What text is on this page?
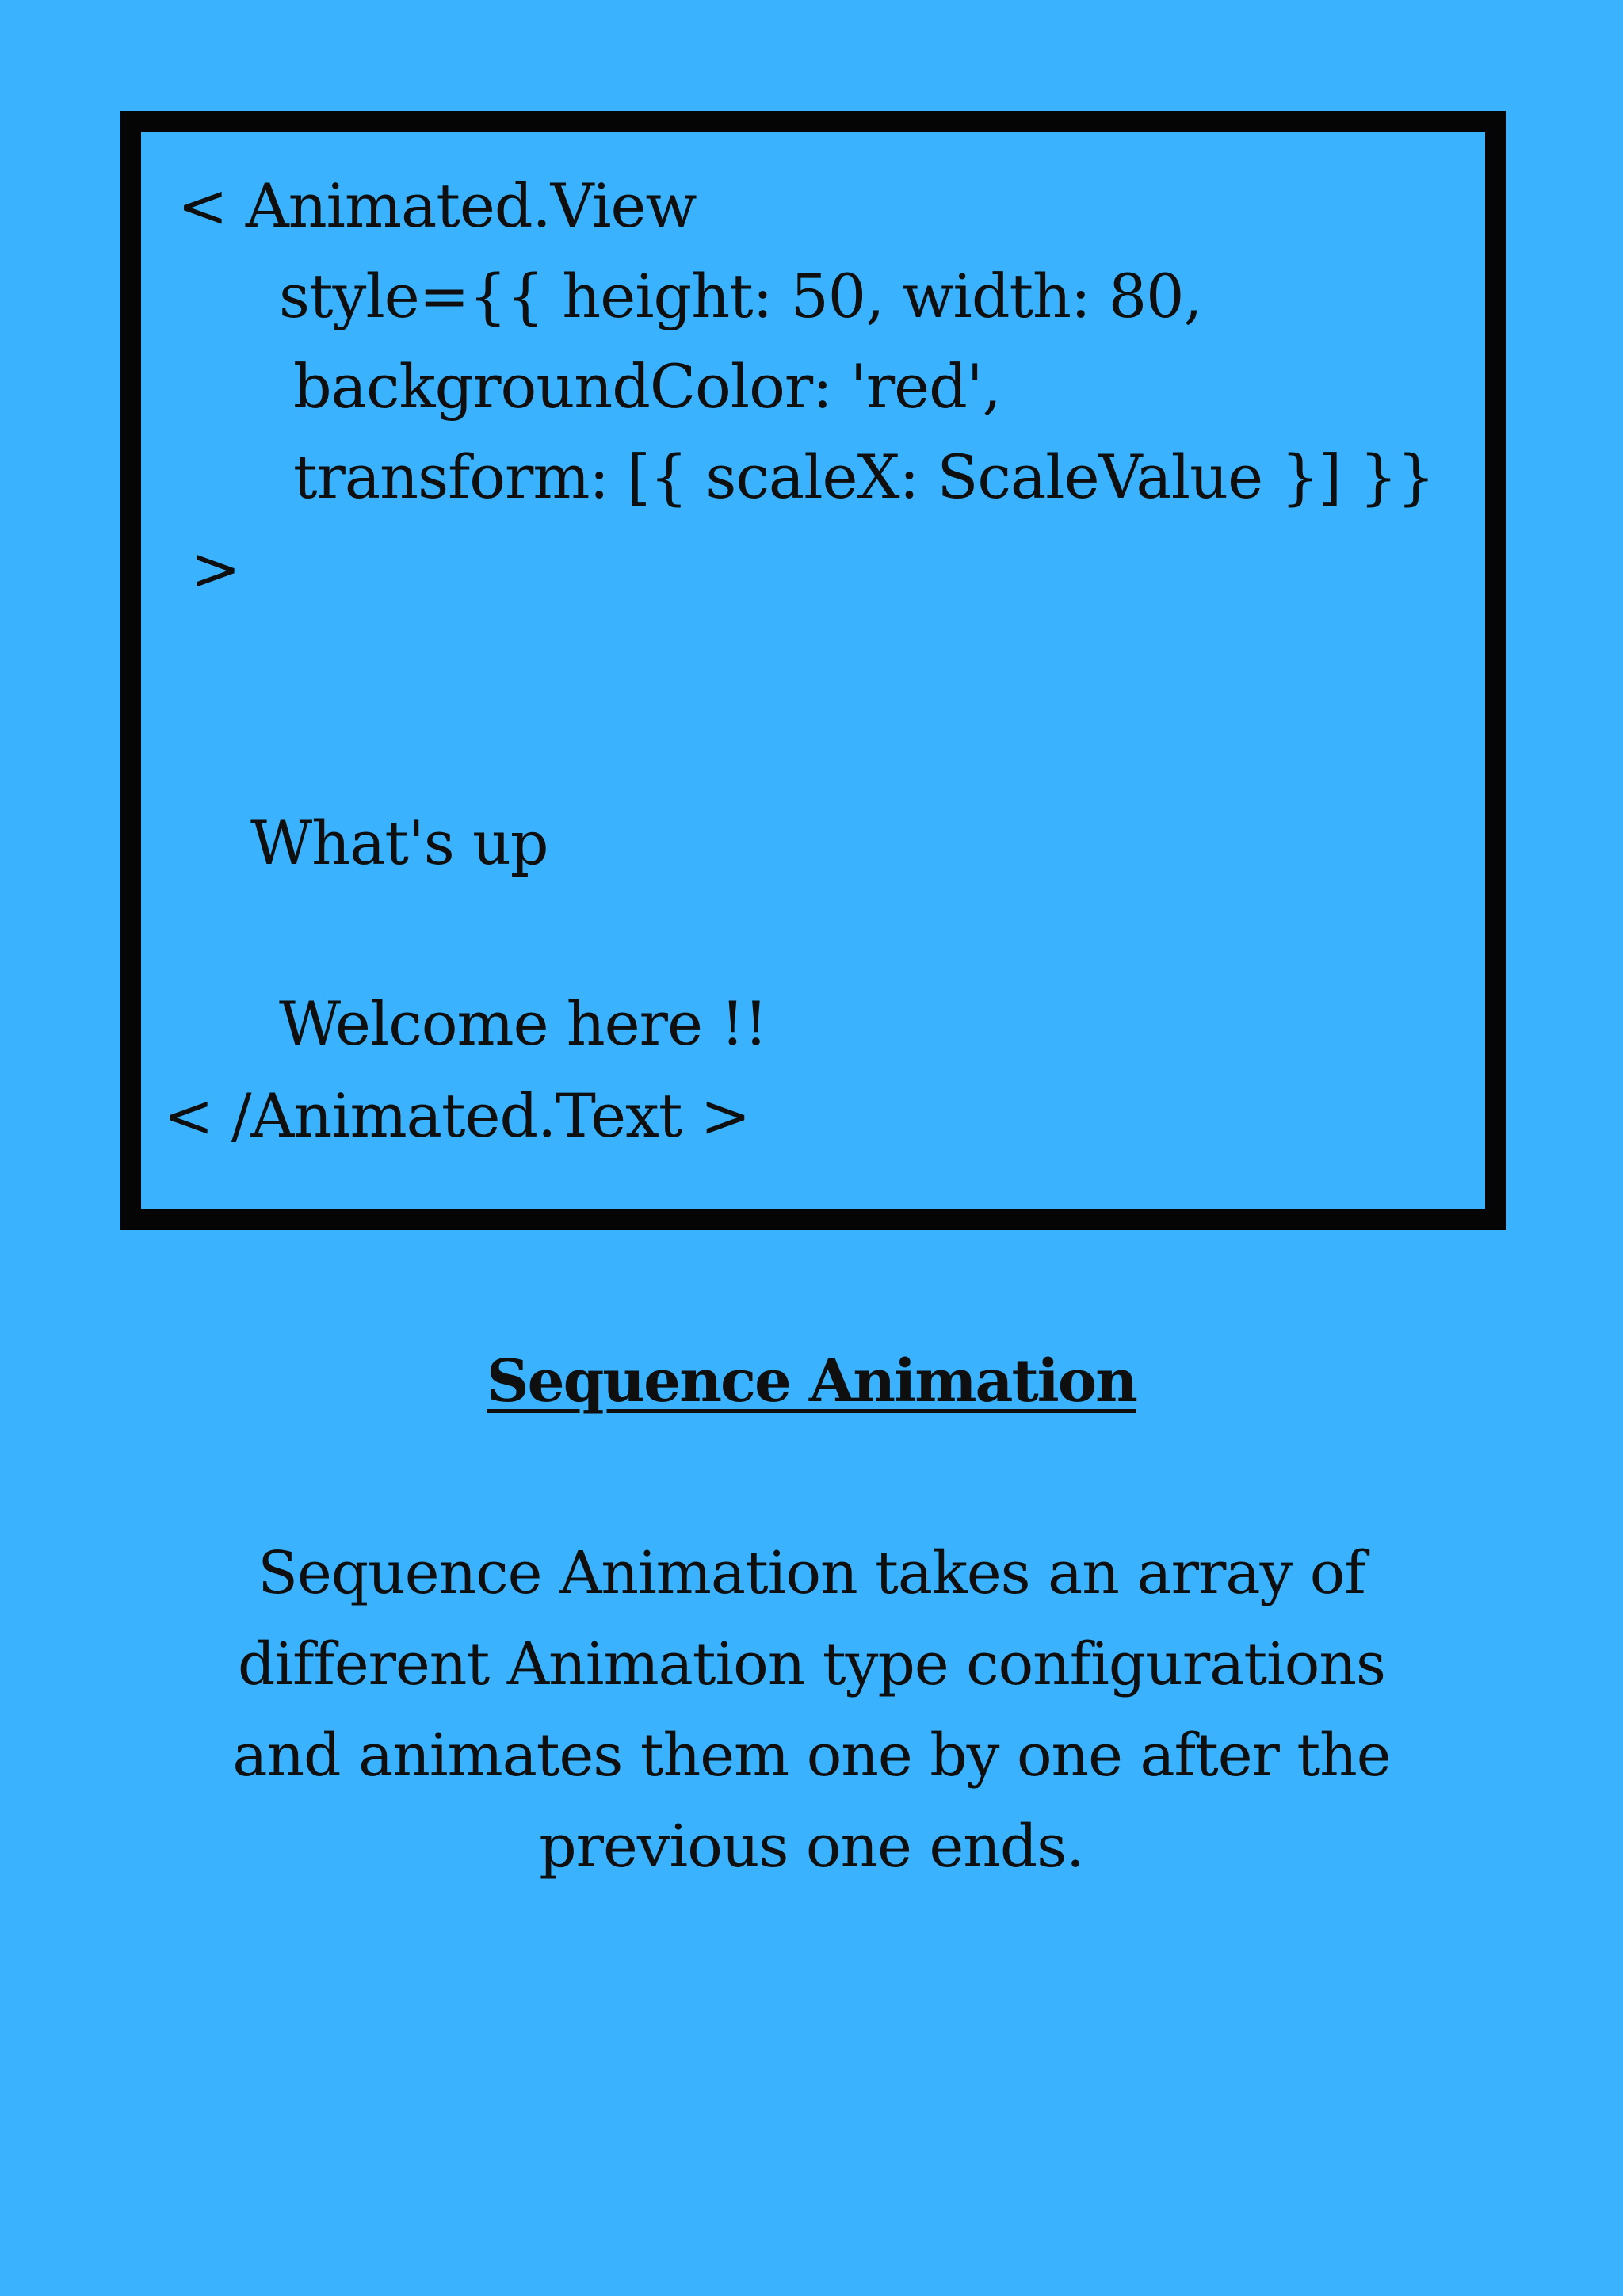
< Animated.View
style={{ height: 50, width: 80,
backgroundColor: 'red',
transform: [{ scaleX: ScaleValue }] }}
>
What's up
Welcome here !!
< /Animated.Text >
Sequence Animation
Sequence Animation takes an array of different Animation type configurations and animates them one by one after the previous one ends.
